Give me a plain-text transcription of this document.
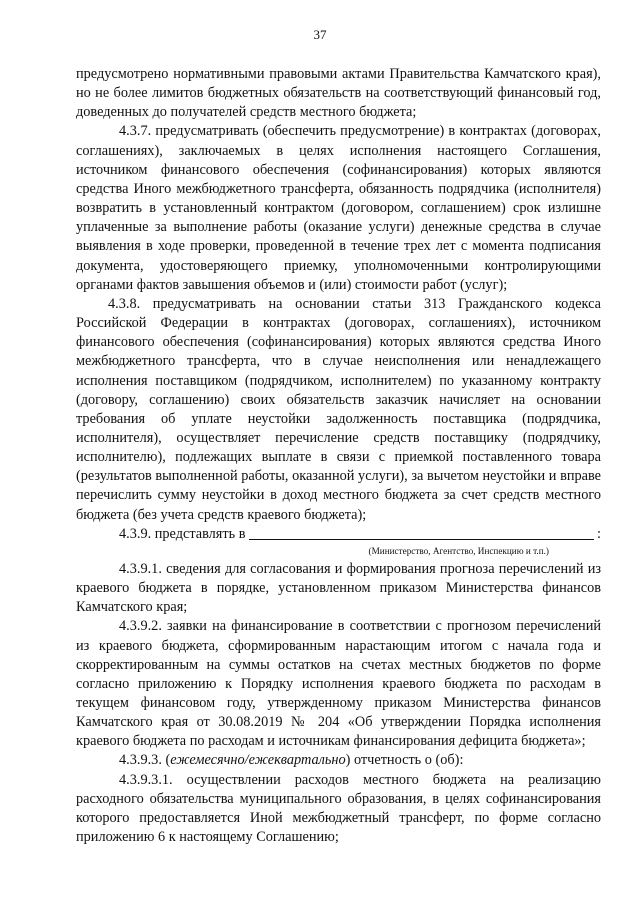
37

предусмотрено нормативными правовыми актами Правительства Камчатского края), но не более лимитов бюджетных обязательств на соответствующий финансовый год, доведенных до получателей средств местного бюджета;

4.3.7. предусматривать (обеспечить предусмотрение) в контрактах (договорах, соглашениях), заключаемых в целях исполнения настоящего Соглашения, источником финансового обеспечения (софинансирования) которых являются средства Иного межбюджетного трансферта, обязанность подрядчика (исполнителя) возвратить в установленный контрактом (договором, соглашением) срок излишне уплаченные за выполнение работы (оказание услуги) денежные средства в случае выявления в ходе проверки, проведенной в течение трех лет с момента подписания документа, удостоверяющего приемку, уполномоченными контролирующими органами фактов завышения объемов и (или) стоимости работ (услуг);

4.3.8. предусматривать на основании статьи 313 Гражданского кодекса Российской Федерации в контрактах (договорах, соглашениях), источником финансового обеспечения (софинансирования) которых являются средства Иного межбюджетного трансферта, что в случае неисполнения или ненадлежащего исполнения поставщиком (подрядчиком, исполнителем) по указанному контракту (договору, соглашению) своих обязательств заказчик начисляет на основании требования об уплате неустойки задолженность поставщика (подрядчика, исполнителя), осуществляет перечисление средств поставщику (подрядчику, исполнителю), подлежащих выплате в связи с приемкой поставленного товара (результатов выполненной работы, оказанной услуги), за вычетом неустойки и вправе перечислить сумму неустойки в доход местного бюджета за счет средств местного бюджета (без учета средств краевого бюджета);

4.3.9. представлять в	:
(Министерство, Агентство, Инспекцию и т.п.)

4.3.9.1. сведения для согласования и формирования прогноза перечислений из краевого бюджета в порядке, установленном приказом Министерства финансов Камчатского края;

4.3.9.2. заявки на финансирование в соответствии с прогнозом перечислений из краевого бюджета, сформированным нарастающим итогом с начала года и скорректированным на суммы остатков на счетах местных бюджетов по форме согласно приложению к Порядку исполнения краевого бюджета по расходам в текущем финансовом году, утвержденному приказом Министерства финансов Камчатского края от 30.08.2019 № 204 «Об утверждении Порядка исполнения краевого бюджета по расходам и источникам финансирования дефицита бюджета»;

4.3.9.3. (ежемесячно/ежеквартально) отчетность о (об):

4.3.9.3.1. осуществлении расходов местного бюджета на реализацию расходного обязательства муниципального образования, в целях софинансирования которого предоставляется Иной межбюджетный трансферт, по форме согласно приложению 6 к настоящему Соглашению;
